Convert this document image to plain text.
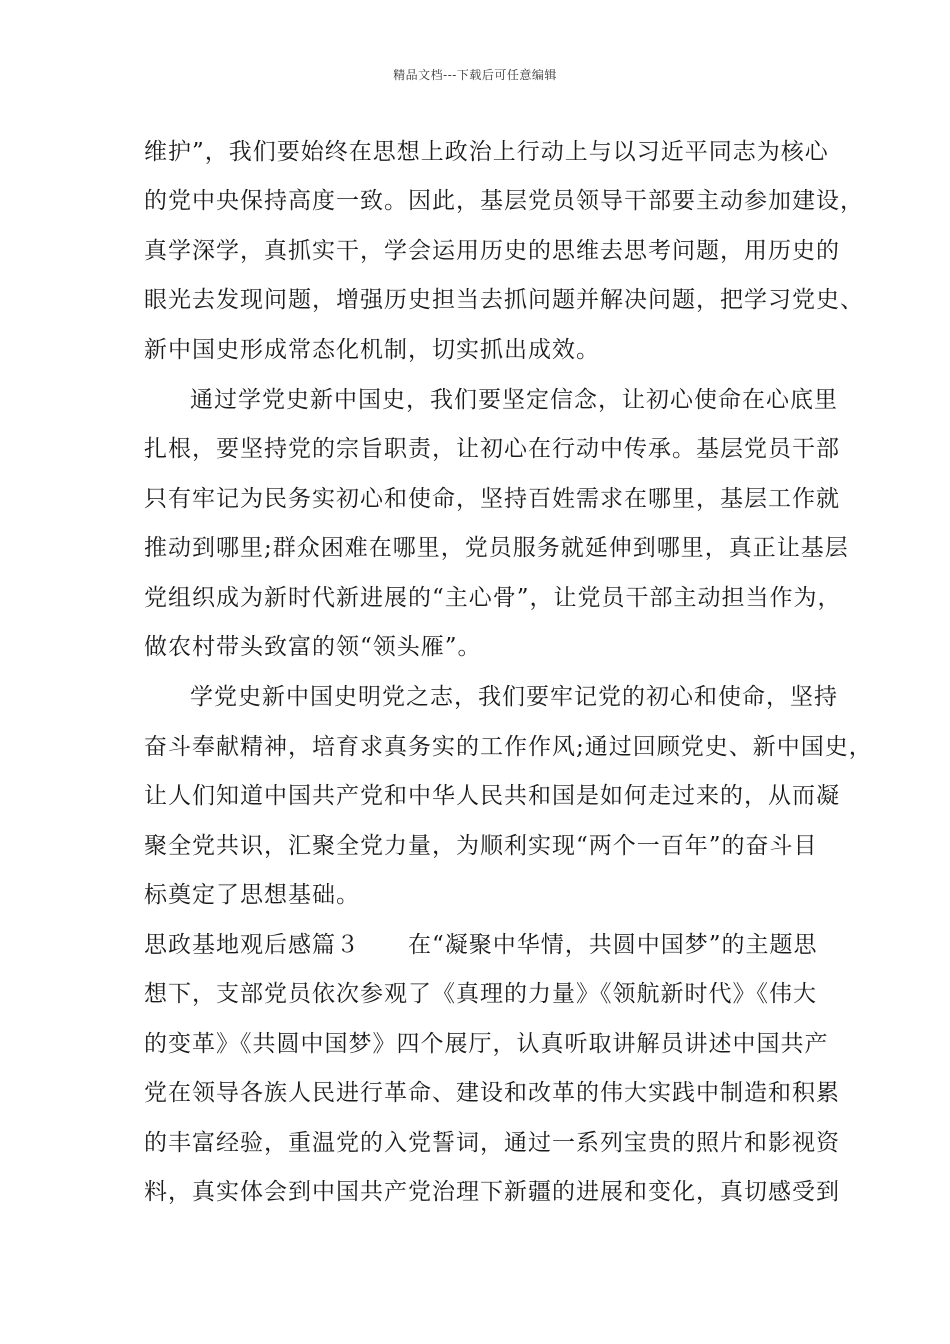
精品文档---下载后可任意编辑
维护”，我们要始终在思想上政治上行动上与以习近平同志为核心
的党中央保持高度一致。因此，基层党员领导干部要主动参加建设，
真学深学，真抓实干，学会运用历史的思维去思考问题，用历史的
眼光去发现问题，增强历史担当去抓问题并解决问题，把学习党史、
新中国史形成常态化机制，切实抓出成效。
通过学党史新中国史，我们要坚定信念，让初心使命在心底里
扎根，要坚持党的宗旨职责，让初心在行动中传承。基层党员干部
只有牢记为民务实初心和使命，坚持百姓需求在哪里，基层工作就
推动到哪里;群众困难在哪里，党员服务就延伸到哪里，真正让基层
党组织成为新时代新进展的“主心骨”，让党员干部主动担当作为，
做农村带头致富的领“领头雁”。
学党史新中国史明党之志，我们要牢记党的初心和使命，坚持
奋斗奉献精神，培育求真务实的工作作风;通过回顾党史、新中国史，
让人们知道中国共产党和中华人民共和国是如何走过来的，从而凝
聚全党共识，汇聚全党力量，为顺利实现“两个一百年”的奋斗目
标奠定了思想基础。
思政基地观后感篇３　　在“凝聚中华情，共圆中国梦”的主题思
想下，支部党员依次参观了《真理的力量》《领航新时代》《伟大
的变革》《共圆中国梦》四个展厅，认真听取讲解员讲述中国共产
党在领导各族人民进行革命、建设和改革的伟大实践中制造和积累
的丰富经验，重温党的入党誓词，通过一系列宝贵的照片和影视资
料，真实体会到中国共产党治理下新疆的进展和变化，真切感受到
